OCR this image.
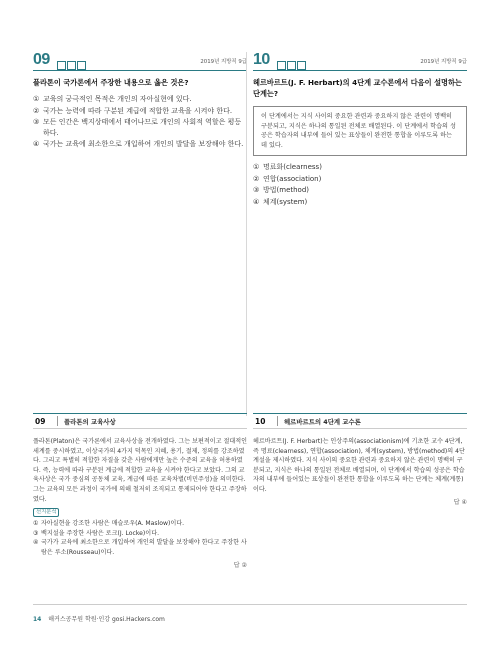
09	2019년 지방직 9급
플라톤이 국가론에서 주장한 내용으로 옳은 것은?
① 교육의 궁극적인 목적은 개인의 자아실현에 있다.
② 국가는 능력에 따라 구분된 계급에 적합한 교육을 시켜야 한다.
③ 모든 인간은 백지상태에서 태어나므로 개인의 사회적 역할은 평등하다.
④ 국가는 교육에 최소한으로 개입하여 개인의 발달을 보장해야 한다.
10	2019년 지방직 9급
헤르바르트(J. F. Herbart)의 4단계 교수론에서 다음이 설명하는 단계는?
이 단계에서는 지식 사이의 중요한 관련과 중요하지 않은 관련이 명백히 구분되고, 지식은 하나의 통일된 전체로 배열된다. 이 단계에서 학습의 성공은 학습자의 내부에 들어 있는 표상들이 완전한 통합을 이루도록 하는 데 있다.
① 명료화(clearness)
② 연합(association)
③ 방법(method)
④ 체계(system)
09	플라톤의 교육사상	10	헤르바르트의 4단계 교수론
플라톤(Platon)은 국가론에서 교육사상을 전개하였다. 그는 보편적이고 절대적인 세계를 중시하였고, 이상국가의 4가지 덕목인 지혜, 용기, 절제, 정의를 강조하였다. 그리고 특별히 적합한 자질을 갖춘 사람에게만 높은 수준의 교육을 허용하였다. 즉, 능력에 따라 구분된 계급에 적합한 교육을 시켜야 한다고 보았다. 그의 교육사상은 국가 중심의 공동체 교육, 계급에 따른 교육차별(비민주성)을 의미한다. 그는 교육의 모든 과정이 국가에 의해 철저히 조직되고 통제되어야 한다고 주장하였다.
선지분석
① 자아실현을 강조한 사람은 매슬로우(A. Maslow)이다.
③ 백지설을 주장한 사람은 로크(J. Locke)이다.
④ 국가가 교육에 최소한으로 개입하여 개인의 발달을 보장해야 한다고 주장한 사람은 루소(Rousseau)이다.
답 ②
헤르바르트(J. F. Herbart)는 인상주의(associationism)에 기초한 교수 4단계, 즉 명료(clearness), 연합(association), 체계(system), 방법(method)의 4단계설을 제시하였다. 지식 사이의 중요한 관련과 중요하지 않은 관련이 명백히 구분되고, 지식은 하나의 통일된 전체로 배열되며, 이 단계에서 학습의 성공은 학습자의 내부에 들어있는 표상들이 완전한 통합을 이루도록 하는 단계는 체계(계통)이다.
답 ④
14 해커스공무원 학원·인강 gosi.Hackers.com
